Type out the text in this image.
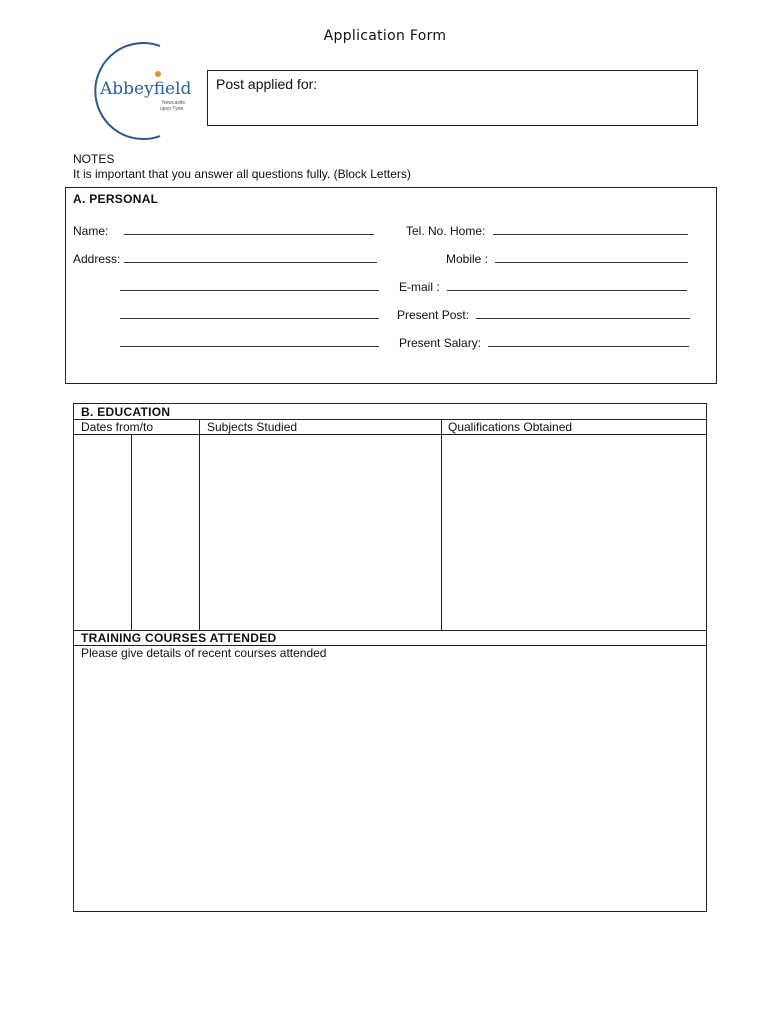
Application Form
Abbeyfield
Newcastle
upon Tyne
Post applied for:
NOTES
It is important that you answer all questions fully. (Block Letters)
A. PERSONAL
Name:	Tel. No. Home:
Address:	Mobile :
E-mail :
Present Post:
Present Salary:
B. EDUCATION
Dates from/to	Subjects Studied	Qualifications Obtained
TRAINING COURSES ATTENDED
Please give details of recent courses attended
